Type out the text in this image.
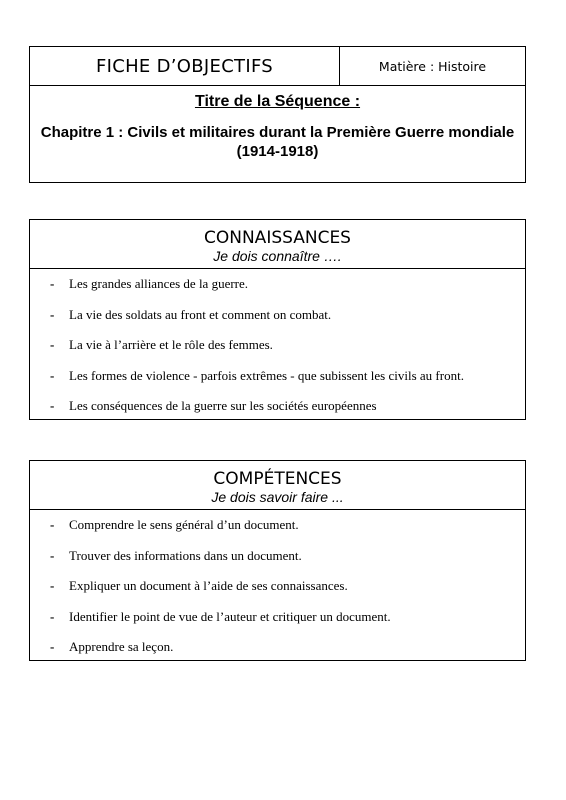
FICHE D’OBJECTIFS	Matière : Histoire
Titre de la Séquence :
Chapitre 1 : Civils et militaires durant la Première Guerre mondiale
(1914-1918)
CONNAISSANCES
Je dois connaître ….
- Les grandes alliances de la guerre.
- La vie des soldats au front et comment on combat.
- La vie à l’arrière et le rôle des femmes.
- Les formes de violence - parfois extrêmes - que subissent les civils au front.
- Les conséquences de la guerre sur les sociétés européennes
COMPÉTENCES
Je dois savoir faire ...
- Comprendre le sens général d’un document.
- Trouver des informations dans un document.
- Expliquer un document à l’aide de ses connaissances.
- Identifier le point de vue de l’auteur et critiquer un document.
- Apprendre sa leçon.
